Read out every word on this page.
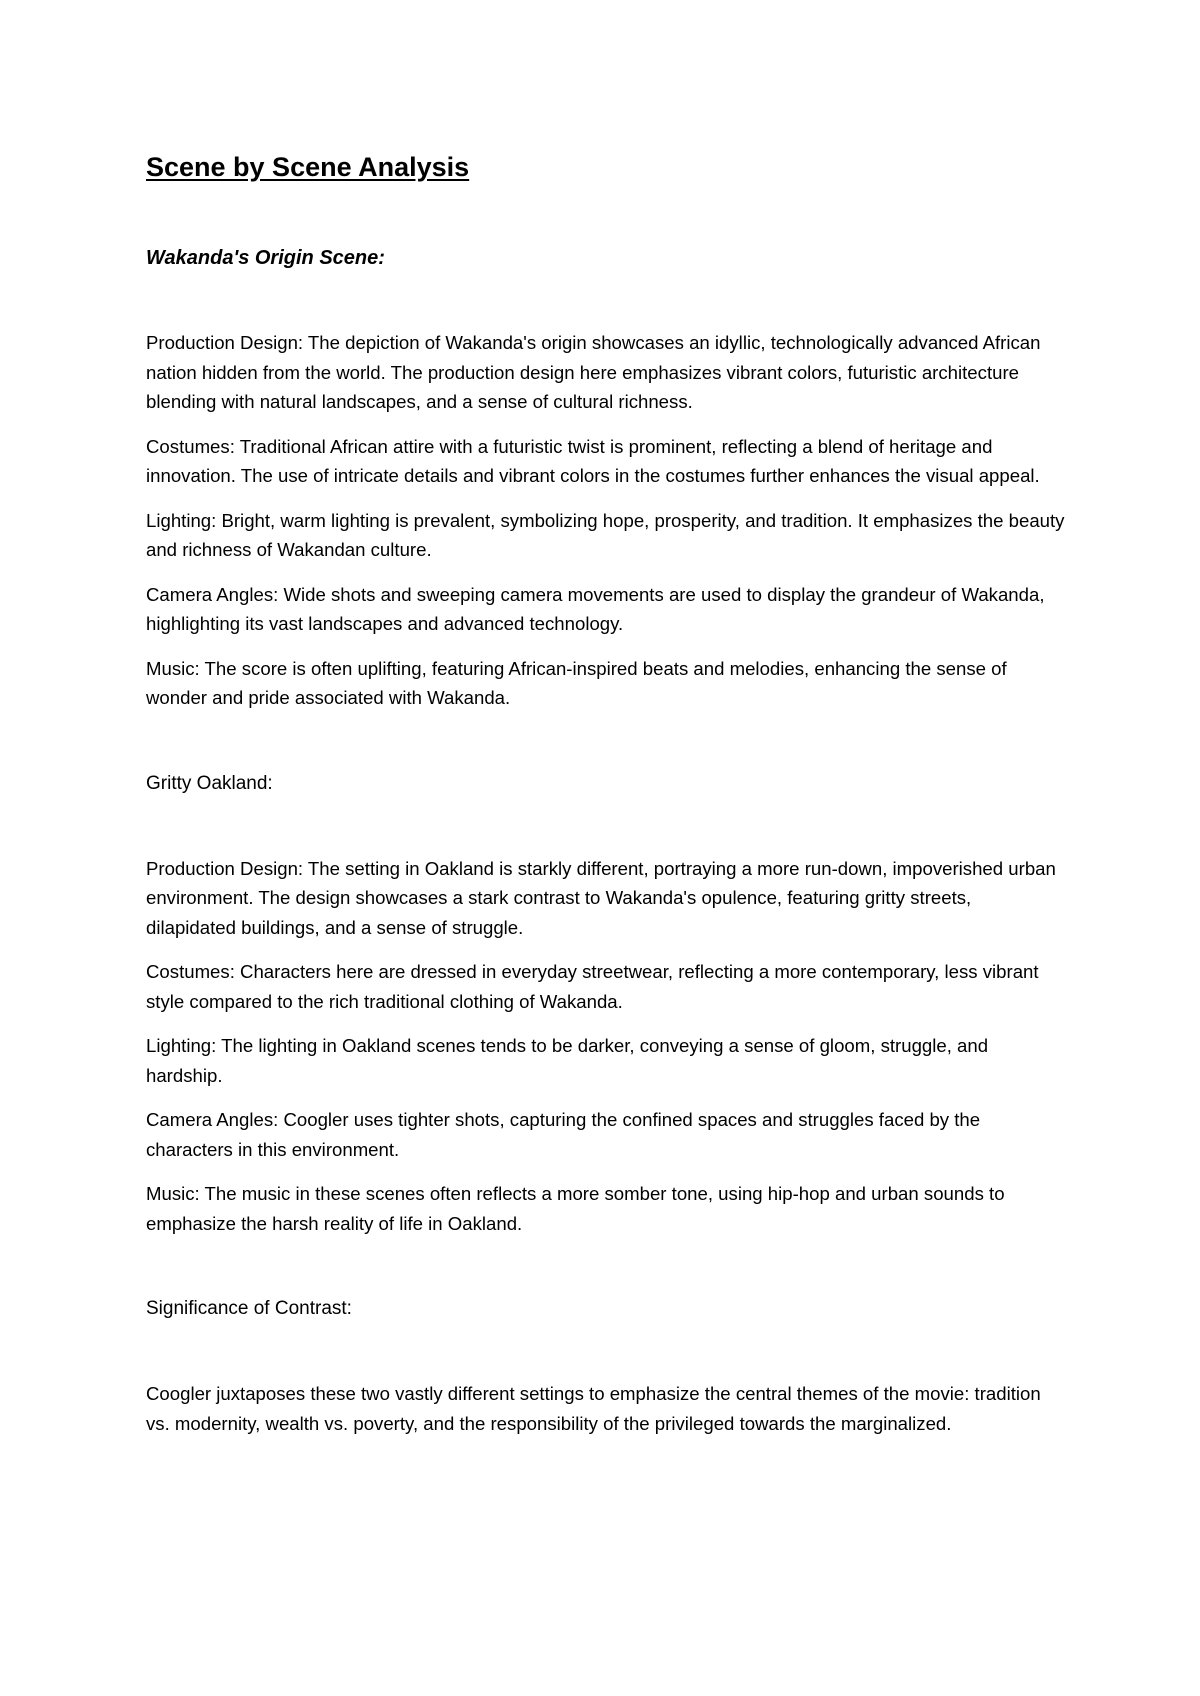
Scene by Scene Analysis
Wakanda's Origin Scene:

Production Design: The depiction of Wakanda's origin showcases an idyllic, technologically advanced African nation hidden from the world. The production design here emphasizes vibrant colors, futuristic architecture blending with natural landscapes, and a sense of cultural richness.

Costumes: Traditional African attire with a futuristic twist is prominent, reflecting a blend of heritage and innovation. The use of intricate details and vibrant colors in the costumes further enhances the visual appeal.

Lighting: Bright, warm lighting is prevalent, symbolizing hope, prosperity, and tradition. It emphasizes the beauty and richness of Wakandan culture.

Camera Angles: Wide shots and sweeping camera movements are used to display the grandeur of Wakanda, highlighting its vast landscapes and advanced technology.

Music: The score is often uplifting, featuring African-inspired beats and melodies, enhancing the sense of wonder and pride associated with Wakanda.

Gritty Oakland:

Production Design: The setting in Oakland is starkly different, portraying a more run-down, impoverished urban environment. The design showcases a stark contrast to Wakanda's opulence, featuring gritty streets, dilapidated buildings, and a sense of struggle.

Costumes: Characters here are dressed in everyday streetwear, reflecting a more contemporary, less vibrant style compared to the rich traditional clothing of Wakanda.

Lighting: The lighting in Oakland scenes tends to be darker, conveying a sense of gloom, struggle, and hardship.

Camera Angles: Coogler uses tighter shots, capturing the confined spaces and struggles faced by the characters in this environment.

Music: The music in these scenes often reflects a more somber tone, using hip-hop and urban sounds to emphasize the harsh reality of life in Oakland.

Significance of Contrast:

Coogler juxtaposes these two vastly different settings to emphasize the central themes of the movie: tradition vs. modernity, wealth vs. poverty, and the responsibility of the privileged towards the marginalized.
